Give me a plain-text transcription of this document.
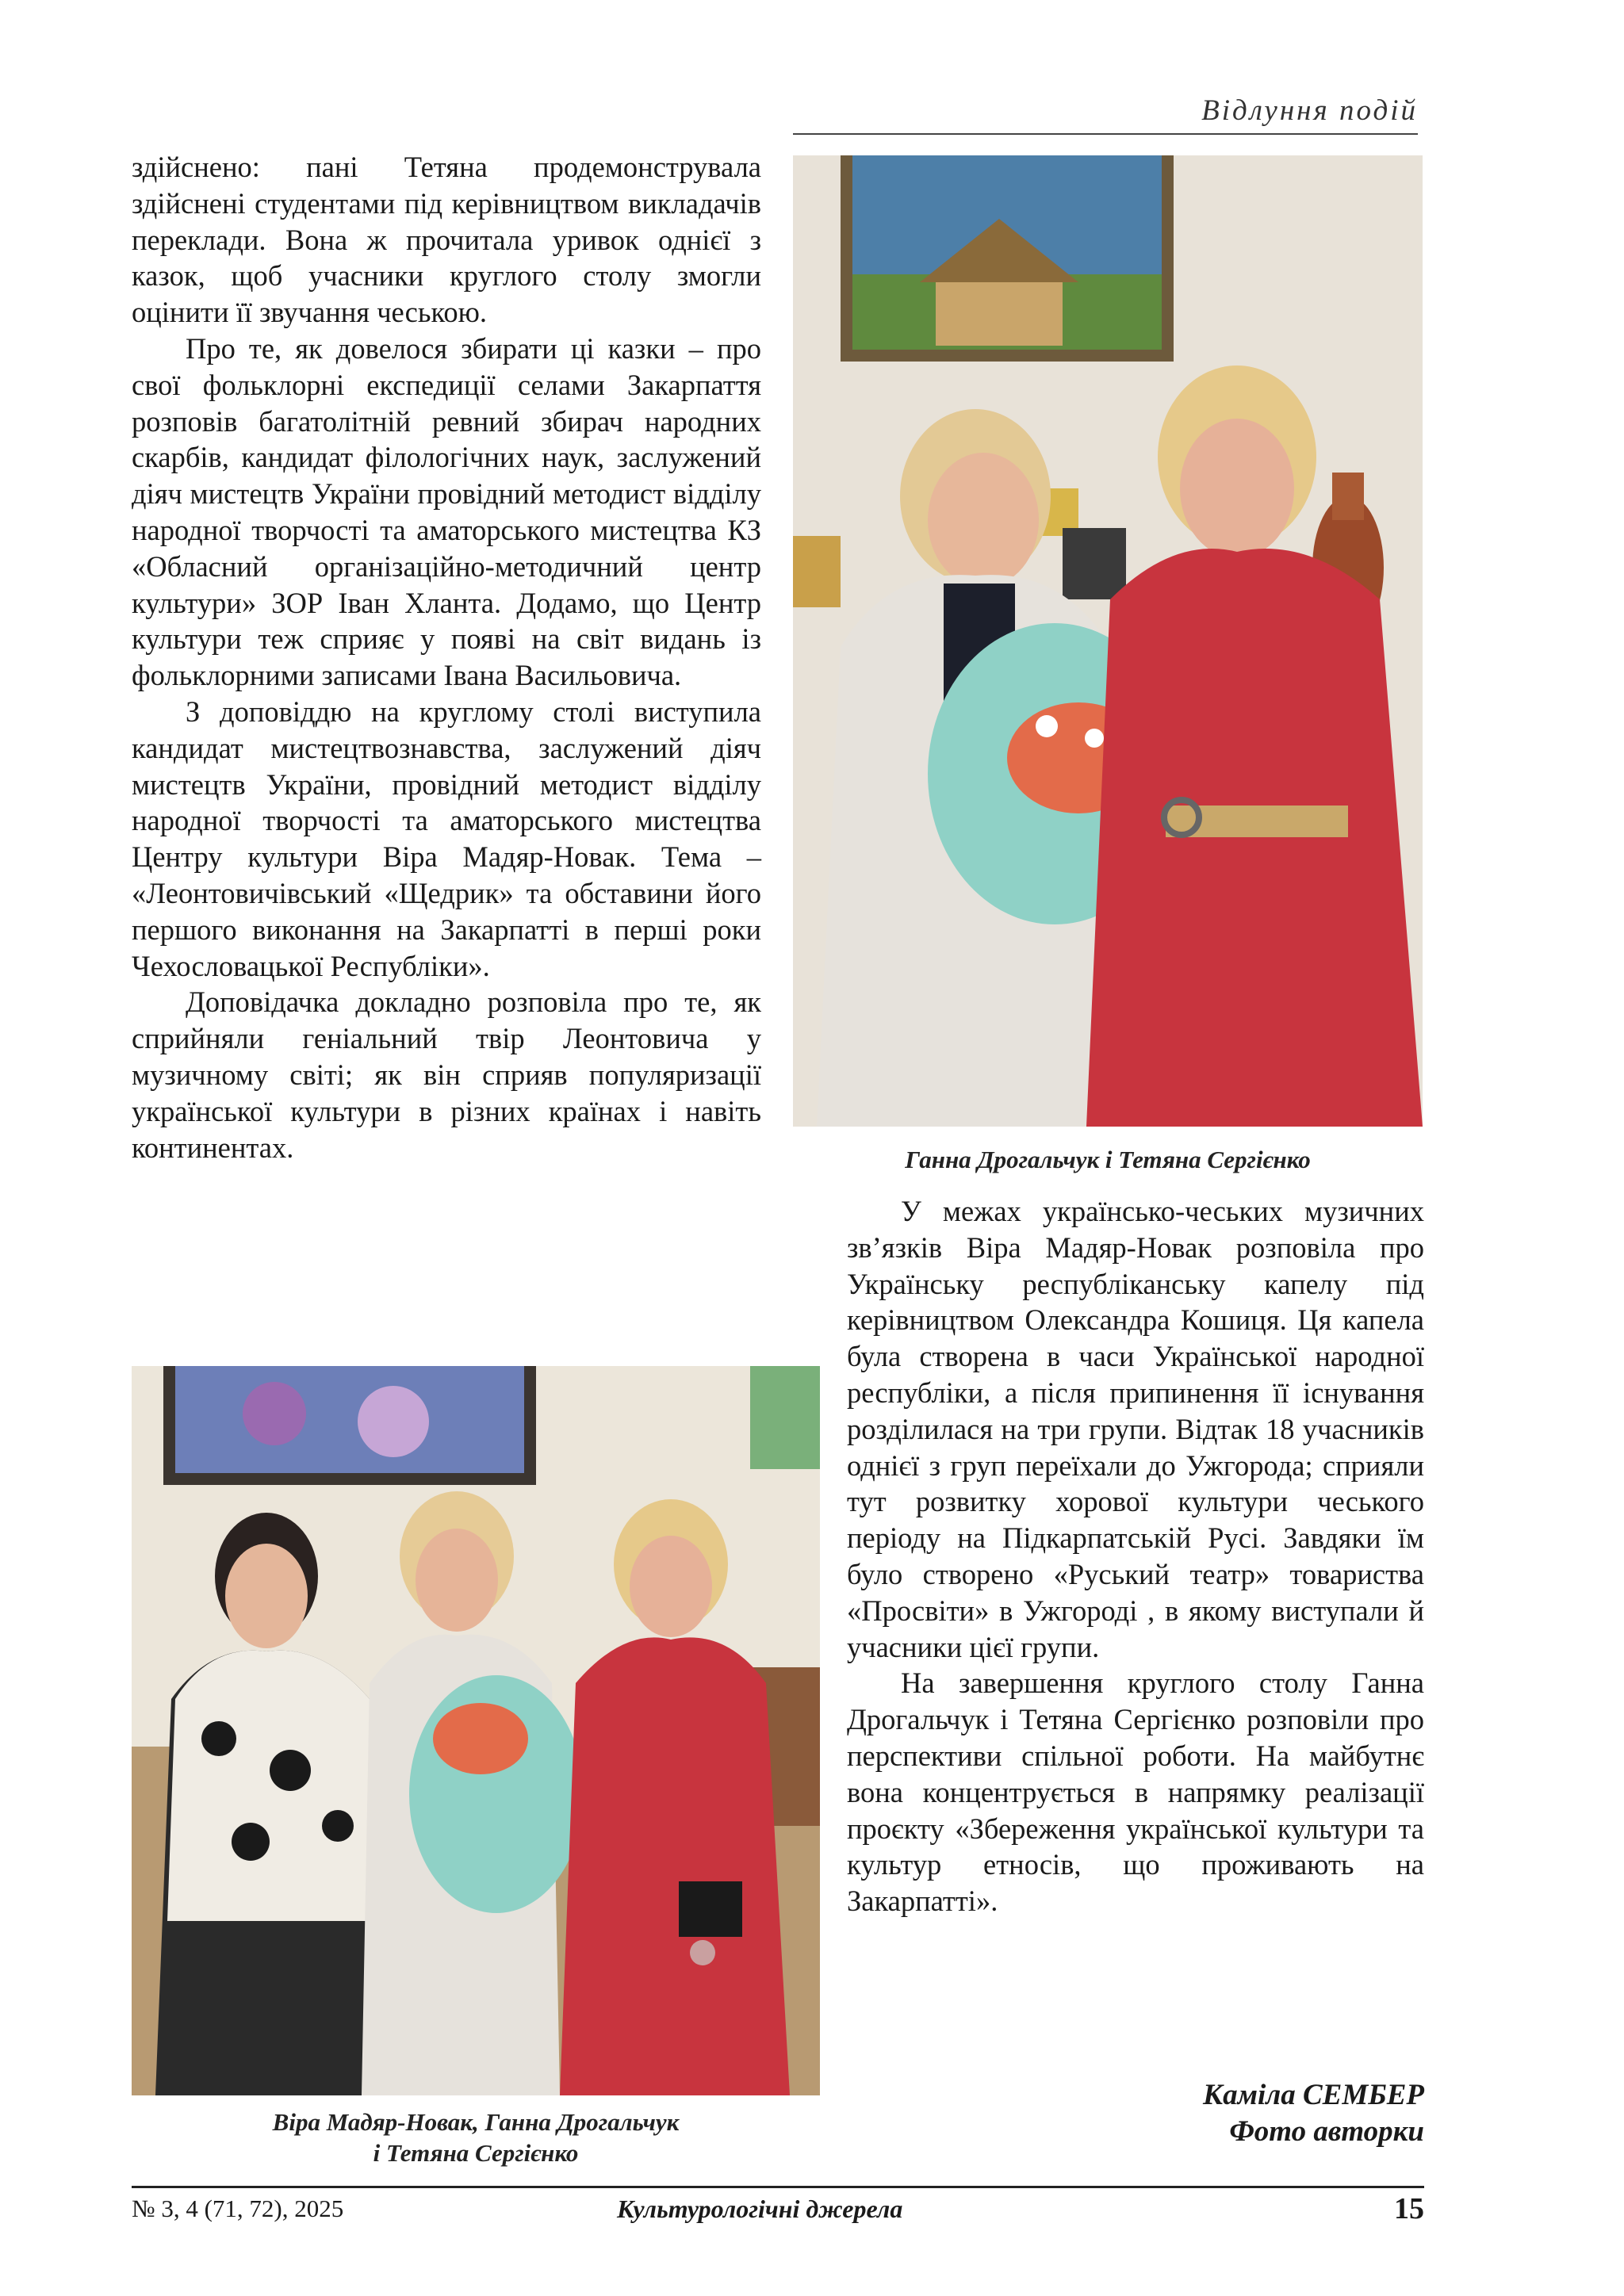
Відлуння подій

здійснено: пані Тетяна продемонструвала здійснені студентами під керівництвом викладачів переклади. Вона ж прочитала уривок однієї з казок, щоб учасники круглого столу змогли оцінити її звучання чеською.

Про те, як довелося збирати ці казки – про свої фольклорні експедиції селами Закарпаття розповів багатолітній ревний збирач народних скарбів, кандидат філологічних наук, заслужений діяч мистецтв України провідний методист відділу народної творчості та аматорського мистецтва КЗ «Обласний організаційно-методичний центр культури» ЗОР Іван Хланта. Додамо, що Центр культури теж сприяє у появі на світ видань із фольклорними записами Івана Васильовича.

З доповіддю на круглому столі виступила кандидат мистецтвознавства, заслужений діяч мистецтв України, провідний методист відділу народної творчості та аматорського мистецтва Центру культури Віра Мадяр-Новак. Тема – «Леонтовичівський «Щедрик» та обставини його першого виконання на Закарпатті в перші роки Чехословацької Республіки».

Доповідачка докладно розповіла про те, як сприйняли геніальний твір Леонтовича у музичному світі; як він сприяв популяризації української культури в різних країнах і навіть континентах.	Ганна Дрогальчук і Тетяна Сергієнко

У межах українсько-чеських музичних зв’язків Віра Мадяр-Новак розповіла про Українську республіканську капелу під керівництвом Олександра Кошиця. Ця капела була створена в часи Української народної республіки, а після припинення її існування розділилася на три групи. Відтак 18 учасників однієї з груп переїхали до Ужгорода; сприяли тут розвитку хорової культури чеського періоду на Підкарпатській Русі. Завдяки їм було створено «Руський театр» товариства «Просвіти» в Ужгороді , в якому виступали й учасники цієї групи.

На завершення круглого столу Ганна Дрогальчук і Тетяна Сергієнко розповіли про перспективи спільної роботи. На майбутнє вона концентрується в напрямку реалізації проєкту «Збереження української культури та культур етносів, що проживають на Закарпатті».

Віра Мадяр-Новак, Ганна Дрогальчук
і Тетяна Сергієнко
Каміла СЕМБЕР
Фото авторки
№ 3, 4 (71, 72), 2025	Культурологічні джерела	15
